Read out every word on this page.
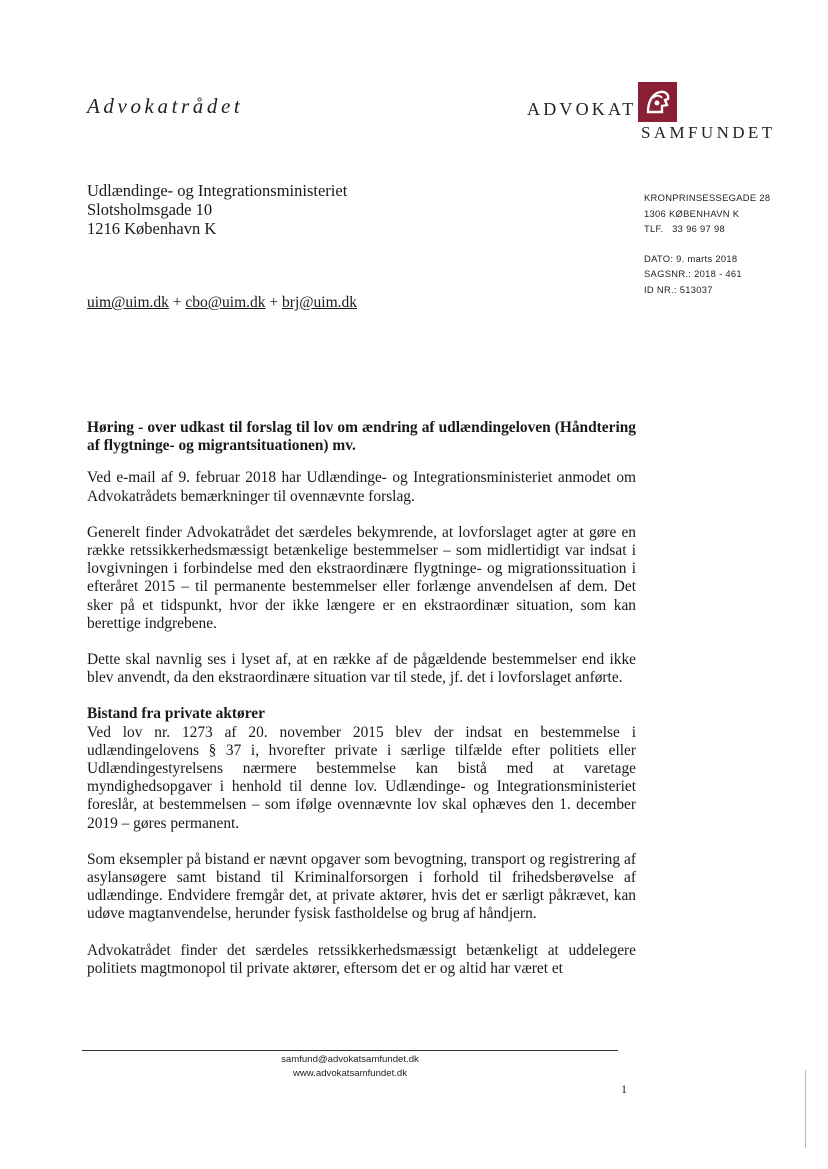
Advokatrådet	ADVOKAT
SAMFUNDET
Udlændinge- og Integrationsministeriet
Slotsholmsgade 10
1216 København K
KRONPRINSESSEGADE 28
1306 KØBENHAVN K
TLF.   33 96 97 98
DATO: 9. marts 2018
SAGSNR.: 2018 - 461
ID NR.: 513037
uim@uim.dk + cbo@uim.dk + brj@uim.dk
Høring - over udkast til forslag til lov om ændring af udlændingeloven (Håndtering af flygtninge- og migrantsituationen) mv.

Ved e-mail af 9. februar 2018 har Udlændinge- og Integrationsministeriet anmodet om Advokatrådets bemærkninger til ovennævnte forslag.

Generelt finder Advokatrådet det særdeles bekymrende, at lovforslaget agter at gøre en række retssikkerhedsmæssigt betænkelige bestemmelser – som midlertidigt var indsat i lovgivningen i forbindelse med den ekstraordinære flygtninge- og migrationssituation i efteråret 2015 – til permanente bestemmelser eller forlænge anvendelsen af dem. Det sker på et tidspunkt, hvor der ikke længere er en ekstraordinær situation, som kan berettige indgrebene.

Dette skal navnlig ses i lyset af, at en række af de pågældende bestemmelser end ikke blev anvendt, da den ekstraordinære situation var til stede, jf. det i lovforslaget anførte.

Bistand fra private aktører

Ved lov nr. 1273 af 20. november 2015 blev der indsat en bestemmelse i udlændingelovens § 37 i, hvorefter private i særlige tilfælde efter politiets eller Udlændingestyrelsens nærmere bestemmelse kan bistå med at varetage myndighedsopgaver i henhold til denne lov. Udlændinge- og Integrationsministeriet foreslår, at bestemmelsen – som ifølge ovennævnte lov skal ophæves den 1. december 2019 – gøres permanent.

Som eksempler på bistand er nævnt opgaver som bevogtning, transport og registrering af asylansøgere samt bistand til Kriminalforsorgen i forhold til frihedsberøvelse af udlændinge. Endvidere fremgår det, at private aktører, hvis det er særligt påkrævet, kan udøve magtanvendelse, herunder fysisk fastholdelse og brug af håndjern.

Advokatrådet finder det særdeles retssikkerhedsmæssigt betænkeligt at uddelegere politiets magtmonopol til private aktører, eftersom det er og altid har været et

samfund@advokatsamfundet.dk
www.advokatsamfundet.dk
1
